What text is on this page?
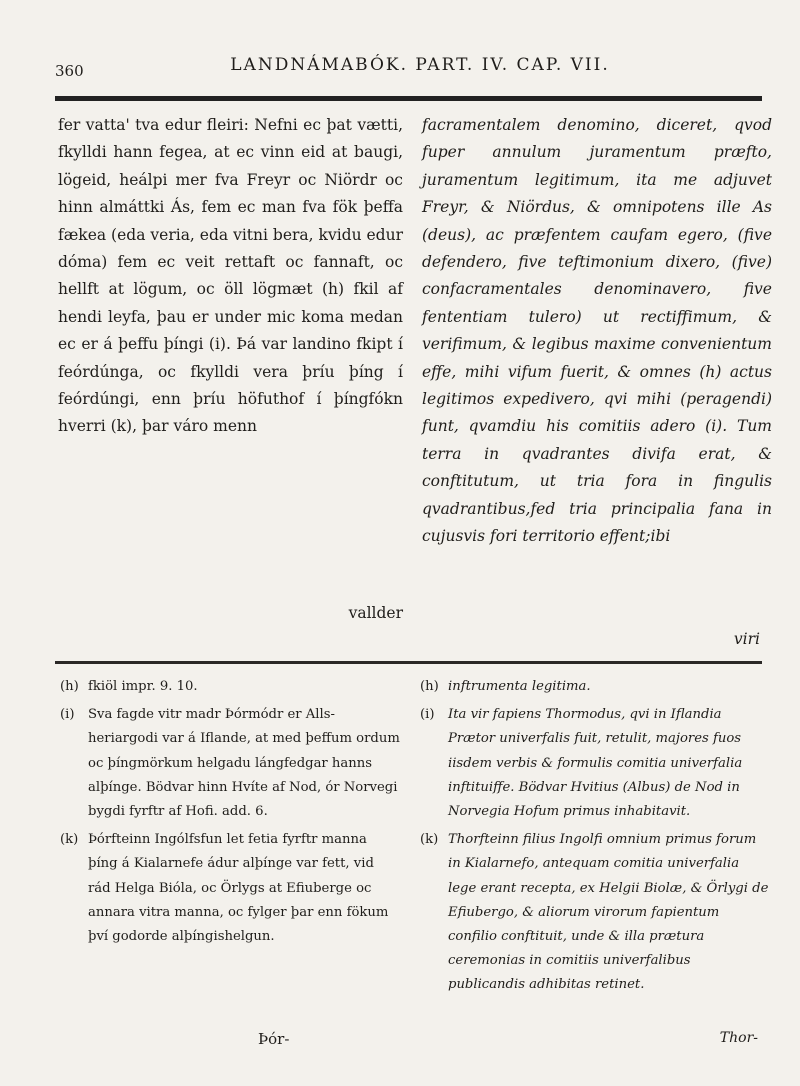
360	LANDNÁMABÓK. PART. IV. CAP. VII.

fer vatta' tva edur fleiri: Nefni ec þat vætti, fkylldi hann fegea, at ec vinn eid at baugi, lögeid, heálpi mer fva Freyr oc Niördr oc hinn almáttki Ás, fem ec man fva fök þeffa fækea (eda veria, eda vitni bera, kvidu edur dóma) fem ec veit rettaft oc fannaft, oc hellft at lögum, oc öll lögmæt (h) fkil af hendi leyfa, þau er under mic koma medan ec er á þeffu þíngi (i). Þá var landino fkipt í feórdúnga, oc fkylldi vera þríu þíng í feórdúngi, enn þríu höfuthof í þíngfókn hverri (k), þar váro menn

vallder

facramentalem denomino, diceret, qvod fuper annulum juramentum præfto, juramentum legitimum, ita me adjuvet Freyr, & Niördus, & omnipotens ille As (deus), ac præfentem caufam egero, (five defendero, five teftimonium dixero, (five) confacramentales denominavero, five fententiam tulero) ut rectiffimum, & verifimum, & legibus maxime convenientum effe, mihi vifum fuerit, & omnes (h) actus legitimos expedivero, qvi mihi (peragendi) funt, qvamdiu his comitiis adero (i). Tum terra in qvadrantes divifa erat, & conftitutum, ut tria fora in fingulis qvadrantibus,fed tria principalia fana in cujusvis fori territorio effent;ibi

viri
(h) fkiöl impr. 9. 10.
(i)	Sva fagde vitr madr Þórmódr er Alls-heriargodi var á Iflande, at med þeffum ordum oc þíngmörkum helgadu lángfedgar hanns alþínge. Bödvar hinn Hvíte af Nod, ór Norvegi bygdi fyrftr af Hofi. add. 6.
(k) Þórfteinn Ingólfsfun let fetia fyrftr manna þíng á Kialarnefe ádur alþínge var fett, vid rád Helga Bióla, oc Örlygs at Efiuberge oc annara vitra manna, oc fylger þar enn fökum því godorde alþíngishelgun.
(h) inftrumenta legitima.
(i)	Ita vir fapiens Thormodus, qvi in Iflandia Prætor univerfalis fuit, retulit, majores fuos iisdem verbis & formulis comitia univerfalia inftituiffe. Bödvar Hvitius (Albus) de Nod in Norvegia Hofum primus inhabitavit.
(k) Thorfteinn filius Ingolfi omnium primus forum in Kialarnefo, antequam comitia univerfalia lege erant recepta, ex Helgii Biolæ, & Örlygi de Efiubergo, & aliorum virorum fapientum confilio conftituit, unde & illa prætura ceremonias in comitiis univerfalibus publicandis adhibitas retinet.
Þór-	Thor-
